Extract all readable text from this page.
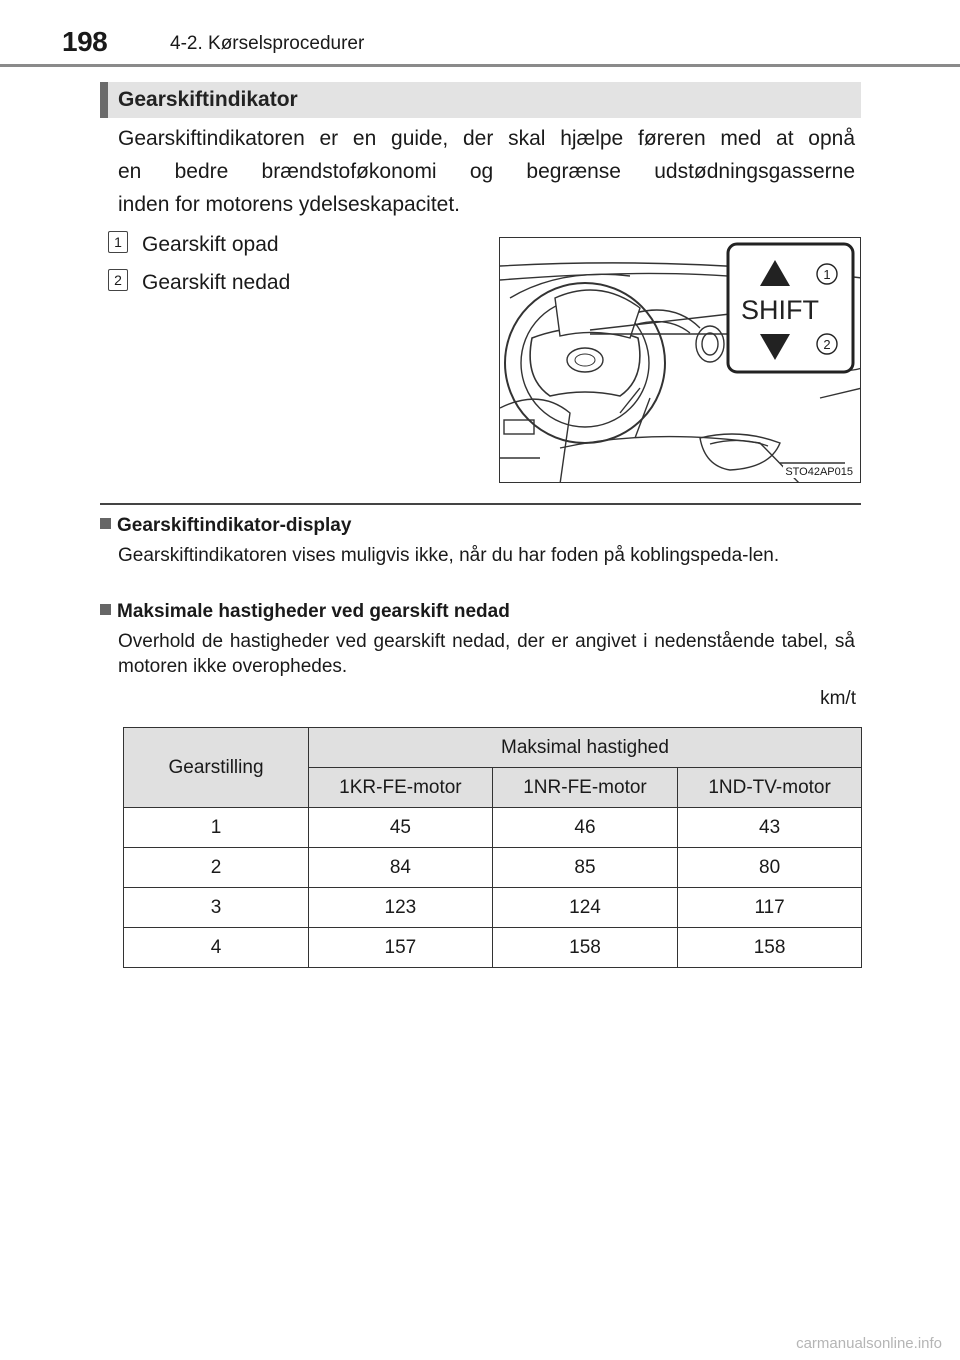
198	4-2. Kørselsprocedurer
Gearskiftindikator
Gearskiftindikatoren er en guide, der skal hjælpe føreren med at opnå
en bedre brændstoføkonomi og begrænse udstødningsgasserne
inden for motorens ydelseskapacitet.
1 Gearskift opad
2 Gearskift nedad
SHIFT
1
2
STO42AP015
Gearskiftindikator-display

Gearskiftindikatoren vises muligvis ikke, når du har foden på koblingspeda-len.

Maksimale hastigheder ved gearskift nedad

Overhold de hastigheder ved gearskift nedad, der er angivet i nedenstående tabel, så motoren ikke overophedes.

km/t
Gearstilling	Maksimal hastighed		
	1KR-FE-motor	1NR-FE-motor	1ND-TV-motor
1	45	46	43
2	84	85	80
3	123	124	117
4	157	158	158
carmanualsonline.info
